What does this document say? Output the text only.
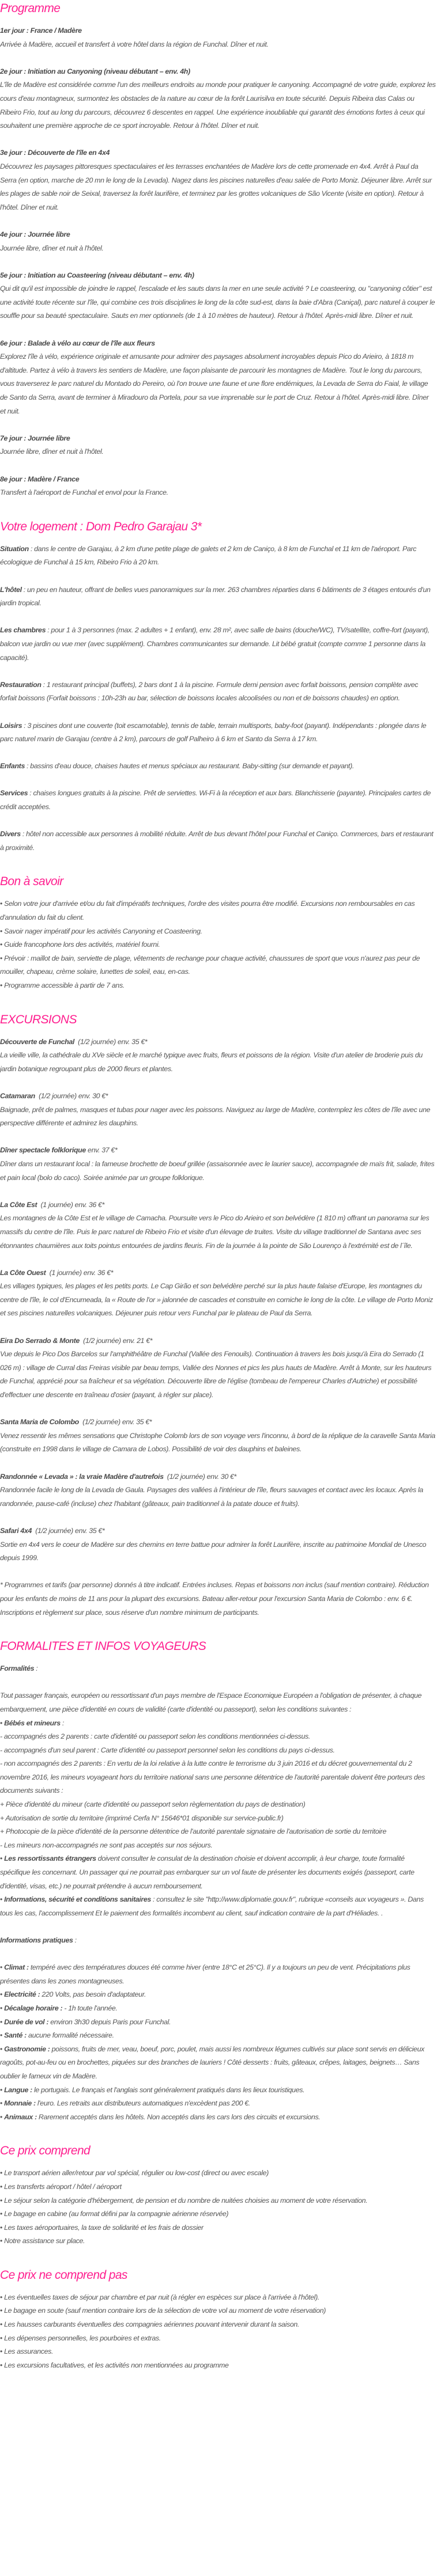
Programme

1er jour : France / Madère

Arrivée à Madère, accueil et transfert à votre hôtel dans la région de Funchal. Dîner et nuit.

2e jour : Initiation au Canyoning (niveau débutant – env. 4h)

L'île de Madère est considérée comme l'un des meilleurs endroits au monde pour pratiquer le canyoning. Accompagné de votre guide, explorez les cours d'eau montagneux, surmontez les obstacles de la nature au cœur de la forêt Laurisilva en toute sécurité. Depuis Ribeira das Calas ou Ribeiro Frio, tout au long du parcours, découvrez 6 descentes en rappel. Une expérience inoubliable qui garantit des émotions fortes à ceux qui souhaitent une première approche de ce sport incroyable. Retour à l'hôtel. Dîner et nuit.

3e jour : Découverte de l'île en 4x4

Découvrez les paysages pittoresques spectaculaires et les terrasses enchantées de Madère lors de cette promenade en 4x4. Arrêt à Paul da Serra (en option, marche de 20 mn le long de la Levada). Nagez dans les piscines naturelles d'eau salée de Porto Moniz. Déjeuner libre. Arrêt sur les plages de sable noir de Seixal, traversez la forêt laurifère, et terminez par les grottes volcaniques de São Vicente (visite en option). Retour à l'hôtel. Dîner et nuit.

4e jour : Journée libre

Journée libre, dîner et nuit à l'hôtel.

5e jour : Initiation au Coasteering (niveau débutant – env. 4h)

Qui dit qu'il est impossible de joindre le rappel, l'escalade et les sauts dans la mer en une seule activité ? Le coasteering, ou "canyoning côtier" est une activité toute récente sur l'île, qui combine ces trois disciplines le long de la côte sud-est, dans la baie d'Abra (Caniçal), parc naturel à couper le souffle pour sa beauté spectaculaire. Sauts en mer optionnels (de 1 à 10 mètres de hauteur). Retour à l'hôtel. Après-midi libre. Dîner et nuit.

6e jour : Balade à vélo au cœur de l'île aux fleurs

Explorez l'île à vélo, expérience originale et amusante pour admirer des paysages absolument incroyables depuis Pico do Arieiro, à 1818 m d'altitude. Partez à vélo à travers les sentiers de Madère, une façon plaisante de parcourir les montagnes de Madère. Tout le long du parcours, vous traverserez le parc naturel du Montado do Pereiro, où l'on trouve une faune et une flore endémiques, la Levada de Serra do Faial, le village de Santo da Serra, avant de terminer à Miradouro da Portela, pour sa vue imprenable sur le port de Cruz. Retour à l'hôtel. Après-midi libre. Dîner et nuit.

7e jour : Journée libre

Journée libre, dîner et nuit à l'hôtel.

8e jour : Madère / France

Transfert à l'aéroport de Funchal et envol pour la France.

Votre logement : Dom Pedro Garajau 3*

Situation : dans le centre de Garajau, à 2 km d'une petite plage de galets et 2 km de Caniço, à 8 km de Funchal et 11 km de l'aéroport. Parc écologique de Funchal à 15 km, Ribeiro Frio à 20 km.

L'hôtel : un peu en hauteur, offrant de belles vues panoramiques sur la mer. 263 chambres réparties dans 6 bâtiments de 3 étages entourés d'un jardin tropical.

Les chambres : pour 1 à 3 personnes (max. 2 adultes + 1 enfant), env. 28 m², avec salle de bains (douche/WC), TV/satellite, coffre-fort (payant), balcon vue jardin ou vue mer (avec supplément). Chambres communicantes sur demande. Lit bébé gratuit (compte comme 1 personne dans la capacité).

Restauration : 1 restaurant principal (buffets), 2 bars dont 1 à la piscine. Formule demi pension avec forfait boissons, pension complète avec forfait boissons (Forfait boissons : 10h-23h au bar, sélection de boissons locales alcoolisées ou non et de boissons chaudes) en option.

Loisirs : 3 piscines dont une couverte (toit escamotable), tennis de table, terrain multisports, baby-foot (payant). Indépendants : plongée dans le parc naturel marin de Garajau (centre à 2 km), parcours de golf Palheiro à 6 km et Santo da Serra à 17 km.

Enfants : bassins d'eau douce, chaises hautes et menus spéciaux au restaurant. Baby-sitting (sur demande et payant).

Services : chaises longues gratuits à la piscine. Prêt de serviettes. Wi-Fi à la réception et aux bars. Blanchisserie (payante). Principales cartes de crédit acceptées.

Divers : hôtel non accessible aux personnes à mobilité réduite. Arrêt de bus devant l'hôtel pour Funchal et Caniço. Commerces, bars et restaurant à proximité.

Bon à savoir

• Selon votre jour d'arrivée et/ou du fait d'impératifs techniques, l'ordre des visites pourra être modifié. Excursions non remboursables en cas d'annulation du fait du client.

• Savoir nager impératif pour les activités Canyoning et Coasteering.

• Guide francophone lors des activités, matériel fourni.

• Prévoir : maillot de bain, serviette de plage, vêtements de rechange pour chaque activité, chaussures de sport que vous n'aurez pas peur de mouiller, chapeau, crème solaire, lunettes de soleil, eau, en-cas.

• Programme accessible à partir de 7 ans.

EXCURSIONS

Découverte de Funchal  (1/2 journée) env. 35 €*

La vieille ville, la cathédrale du XVe siècle et le marché typique avec fruits, fleurs et poissons de la région. Visite d'un atelier de broderie puis du jardin botanique regroupant plus de 2000 fleurs et plantes.

Catamaran  (1/2 journée) env. 30 €*

Baignade, prêt de palmes, masques et tubas pour nager avec les poissons. Naviguez au large de Madère, contemplez les côtes de l'île avec une perspective différente et admirez les dauphins.

Dîner spectacle folklorique env. 37 €*

Dîner dans un restaurant local : la fameuse brochette de boeuf grillée (assaisonnée avec le laurier sauce), accompagnée de maïs frit, salade, frites et pain local (bolo do caco). Soirée animée par un groupe folklorique.

La Côte Est  (1 journée) env. 36 €*

Les montagnes de la Côte Est et le village de Camacha. Poursuite vers le Pico do Arieiro et son belvédère (1 810 m) offrant un panorama sur les massifs du centre de l'île. Puis le parc naturel de Ribeiro Frio et visite d'un élevage de truites. Visite du village traditionnel de Santana avec ses étonnantes chaumières aux toits pointus entourées de jardins fleuris. Fin de la journée à la pointe de São Lourenço à l'extrémité est de l´île.

La Côte Ouest  (1 journée) env. 36 €*

Les villages typiques, les plages et les petits ports. Le Cap Girão et son belvédère perché sur la plus haute falaise d'Europe, les montagnes du centre de l'île, le col d'Encumeada, la « Route de l'or » jalonnée de cascades et construite en corniche le long de la côte. Le village de Porto Moniz et ses piscines naturelles volcaniques. Déjeuner puis retour vers Funchal par le plateau de Paul da Serra.

Eira Do Serrado & Monte  (1/2 journée) env. 21 €*

Vue depuis le Pico Dos Barcelos sur l'amphithéâtre de Funchal (Vallée des Fenouils). Continuation à travers les bois jusqu'à Eira do Serrado (1 026 m) : village de Curral das Freiras visible par beau temps, Vallée des Nonnes et pics les plus hauts de Madère. Arrêt à Monte, sur les hauteurs de Funchal, apprécié pour sa fraîcheur et sa végétation. Découverte libre de l'église (tombeau de l'empereur Charles d'Autriche) et possibilité d'effectuer une descente en traîneau d'osier (payant, à régler sur place).

Santa Maria de Colombo  (1/2 journée) env. 35 €*

Venez ressentir les mêmes sensations que Christophe Colomb lors de son voyage vers l'inconnu, à bord de la réplique de la caravelle Santa Maria (construite en 1998 dans le village de Camara de Lobos). Possibilité de voir des dauphins et baleines.

Randonnée « Levada » : la vraie Madère d'autrefois  (1/2 journée) env. 30 €*

Randonnée facile le long de la Levada de Gaula. Paysages des vallées à l'intérieur de l'île, fleurs sauvages et contact avec les locaux. Après la randonnée, pause-café (incluse) chez l'habitant (gâteaux, pain traditionnel à la patate douce et fruits).

Safari 4x4  (1/2 journée) env. 35 €*

Sortie en 4x4 vers le coeur de Madère sur des chemins en terre battue pour admirer la forêt Laurifère, inscrite au patrimoine Mondial de Unesco depuis 1999.

* Programmes et tarifs (par personne) donnés à titre indicatif. Entrées incluses. Repas et boissons non inclus (sauf mention contraire). Réduction pour les enfants de moins de 11 ans pour la plupart des excursions. Bateau aller-retour pour l'excursion Santa Maria de Colombo : env. 6 €. Inscriptions et règlement sur place, sous réserve d'un nombre minimum de participants.

FORMALITES ET INFOS VOYAGEURS

Formalités :

Tout passager français, européen ou ressortissant d'un pays membre de l'Espace Economique Européen a l'obligation de présenter, à chaque embarquement, une pièce d'identité en cours de validité (carte d'identité ou passeport), selon les conditions suivantes :

• Bébés et mineurs :

- accompagnés des 2 parents : carte d'identité ou passeport selon les conditions mentionnées ci-dessus.

- accompagnés d'un seul parent : Carte d'identité ou passeport personnel selon les conditions du pays ci-dessus.

- non accompagnés des 2 parents : En vertu de la loi relative à la lutte contre le terrorisme du 3 juin 2016 et du décret gouvernemental du 2 novembre 2016, les mineurs voyageant hors du territoire national sans une personne détentrice de l'autorité parentale doivent être porteurs des documents suivants :

+ Pièce d'identité du mineur (carte d'identité ou passeport selon règlementation du pays de destination)

+ Autorisation de sortie du territoire (imprimé Cerfa N° 15646*01 disponible sur service-public.fr)

+ Photocopie de la pièce d'identité de la personne détentrice de l'autorité parentale signataire de l'autorisation de sortie du territoire

- Les mineurs non-accompagnés ne sont pas acceptés sur nos séjours.

• Les ressortissants étrangers doivent consulter le consulat de la destination choisie et doivent accomplir, à leur charge, toute formalité spécifique les concernant. Un passager qui ne pourrait pas embarquer sur un vol faute de présenter les documents exigés (passeport, carte d'identité, visas, etc.) ne pourrait prétendre à aucun remboursement.

• Informations, sécurité et conditions sanitaires : consultez le site "http://www.diplomatie.gouv.fr", rubrique «conseils aux voyageurs ». Dans tous les cas, l'accomplissement Et le paiement des formalités incombent au client, sauf indication contraire de la part d'Héliades. .

Informations pratiques :

• Climat : tempéré avec des températures douces été comme hiver (entre 18°C et 25°C). Il y a toujours un peu de vent. Précipitations plus présentes dans les zones montagneuses.

• Electricité : 220 Volts, pas besoin d'adaptateur.

• Décalage horaire : - 1h toute l'année.

• Durée de vol : environ 3h30 depuis Paris pour Funchal.

• Santé : aucune formalité nécessaire.

• Gastronomie : poissons, fruits de mer, veau, boeuf, porc, poulet, mais aussi les nombreux légumes cultivés sur place sont servis en délicieux ragoûts, pot-au-feu ou en brochettes, piquées sur des branches de lauriers ! Côté desserts : fruits, gâteaux, crêpes, laitages, beignets… Sans oublier le fameux vin de Madère.

• Langue : le portugais. Le français et l'anglais sont généralement pratiqués dans les lieux touristiques.

• Monnaie : l'euro. Les retraits aux distributeurs automatiques n'excèdent pas 200 €.

• Animaux : Rarement acceptés dans les hôtels. Non acceptés dans les cars lors des circuits et excursions.

Ce prix comprend

• Le transport aérien aller/retour par vol spécial, régulier ou low-cost (direct ou avec escale)

• Les transferts aéroport / hôtel / aéroport

• Le séjour selon la catégorie d'hébergement, de pension et du nombre de nuitées choisies au moment de votre réservation.

• Le bagage en cabine (au format défini par la compagnie aérienne réservée)

• Les taxes aéroportuaires, la taxe de solidarité et les frais de dossier

• Notre assistance sur place.

Ce prix ne comprend pas

• Les éventuelles taxes de séjour par chambre et par nuit (à régler en espèces sur place à l'arrivée à l'hôtel).

• Le bagage en soute (sauf mention contraire lors de la sélection de votre vol au moment de votre réservation)

• Les hausses carburants éventuelles des compagnies aériennes pouvant intervenir durant la saison.

• Les dépenses personnelles, les pourboires et extras.

• Les assurances.

• Les excursions facultatives, et les activités non mentionnées au programme
